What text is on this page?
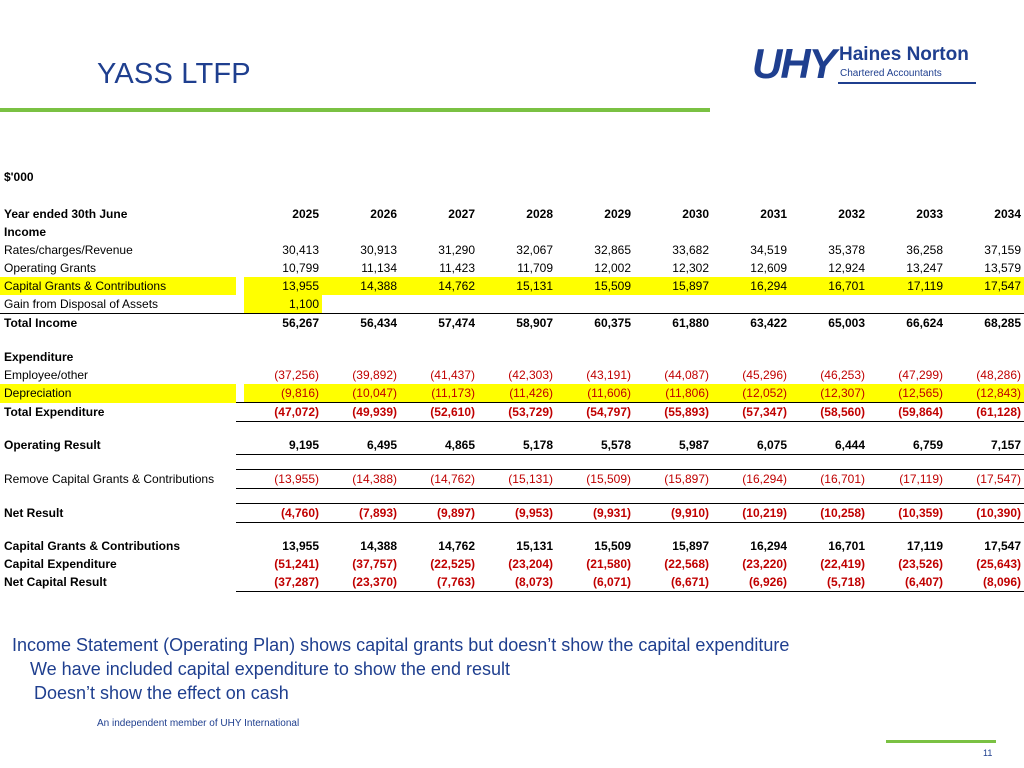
YASS LTFP	UHY Haines Norton
Chartered Accountants
$'000
Year ended 30th June		2025	2026	2027	2028	2029	2030	2031	2032	2033	2034
Income											
Rates/charges/Revenue		30,413	30,913	31,290	32,067	32,865	33,682	34,519	35,378	36,258	37,159
Operating Grants		10,799	11,134	11,423	11,709	12,002	12,302	12,609	12,924	13,247	13,579
Capital Grants & Contributions		13,955	14,388	14,762	15,131	15,509	15,897	16,294	16,701	17,119	17,547
Gain from Disposal of Assets		1,100									
Total Income		56,267	56,434	57,474	58,907	60,375	61,880	63,422	65,003	66,624	68,285

Expenditure											
Employee/other		(37,256)	(39,892)	(41,437)	(42,303)	(43,191)	(44,087)	(45,296)	(46,253)	(47,299)	(48,286)
Depreciation		(9,816)	(10,047)	(11,173)	(11,426)	(11,606)	(11,806)	(12,052)	(12,307)	(12,565)	(12,843)
Total Expenditure		(47,072)	(49,939)	(52,610)	(53,729)	(54,797)	(55,893)	(57,347)	(58,560)	(59,864)	(61,128)

Operating Result		9,195	6,495	4,865	5,178	5,578	5,987	6,075	6,444	6,759	7,157

Remove Capital Grants & Contributions		(13,955)	(14,388)	(14,762)	(15,131)	(15,509)	(15,897)	(16,294)	(16,701)	(17,119)	(17,547)

Net Result		(4,760)	(7,893)	(9,897)	(9,953)	(9,931)	(9,910)	(10,219)	(10,258)	(10,359)	(10,390)

Capital Grants & Contributions		13,955	14,388	14,762	15,131	15,509	15,897	16,294	16,701	17,119	17,547
Capital Expenditure		(51,241)	(37,757)	(22,525)	(23,204)	(21,580)	(22,568)	(23,220)	(22,419)	(23,526)	(25,643)
Net Capital Result		(37,287)	(23,370)	(7,763)	(8,073)	(6,071)	(6,671)	(6,926)	(5,718)	(6,407)	(8,096)
Income Statement (Operating Plan) shows capital grants but doesn’t show the capital expenditure
We have included capital expenditure to show the end result
Doesn’t show the effect on cash
An independent member of UHY International
11
